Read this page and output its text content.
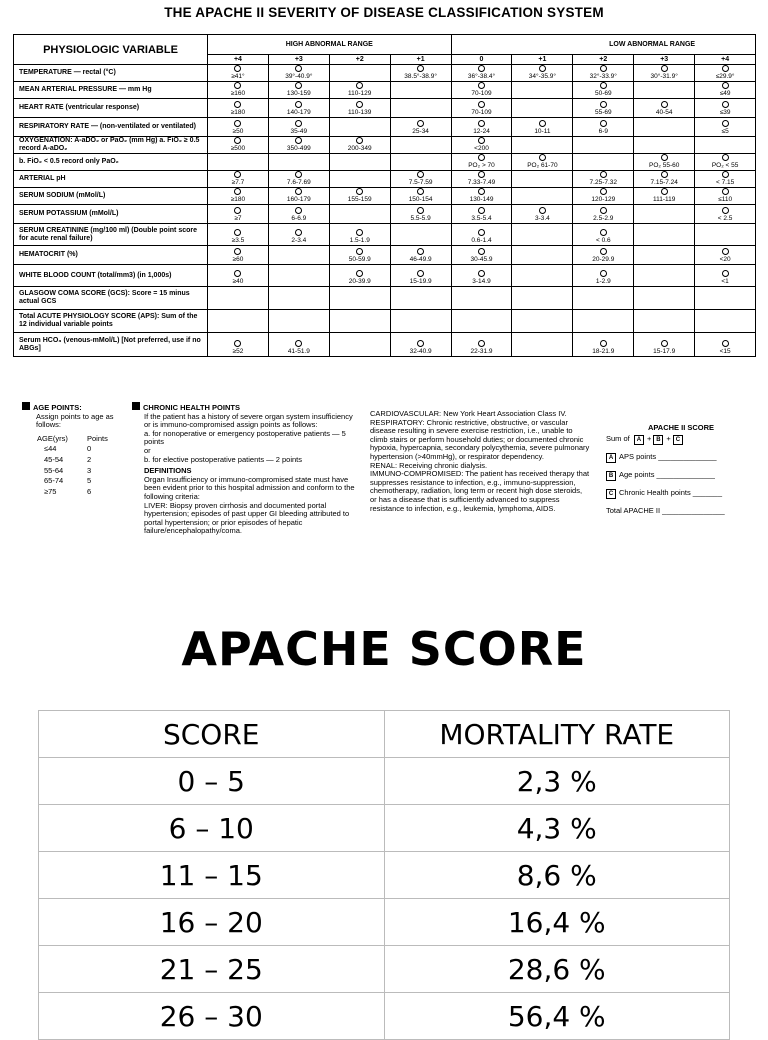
THE APACHE II SEVERITY OF DISEASE CLASSIFICATION SYSTEM
PHYSIOLOGIC VARIABLE	HIGH ABNORMAL RANGE				LOW ABNORMAL RANGE				
	+4	+3	+2	+1	0	+1	+2	+3	+4
TEMPERATURE — rectal (°C)	≥41°	39°-40.9°		38.5°-38.9°	36°-38.4°	34°-35.9°	32°-33.9°	30°-31.9°	≤29.9°
MEAN ARTERIAL PRESSURE — mm Hg	≥160	130-159	110-129		70-109		50-69		≤49
HEART RATE (ventricular response)	≥180	140-179	110-139		70-109		55-69	40-54	≤39
RESPIRATORY RATE — (non-ventilated or ventilated)	≥50	35-49		25-34	12-24	10-11	6-9		≤5
OXYGENATION: A-aDO₂ or PaO₂ (mm Hg) a. FiO₂ ≥ 0.5 record A-aDO₂	≥500	350-499	200-349		<200				
b. FiO₂ < 0.5 record only PaO₂					PO₂ > 70	PO₂ 61-70		PO₂ 55-60	PO₂ < 55
ARTERIAL pH	≥7.7	7.6-7.69		7.5-7.59	7.33-7.49		7.25-7.32	7.15-7.24	< 7.15
SERUM SODIUM (mMol/L)	≥180	160-179	155-159	150-154	130-149		120-129	111-119	≤110
SERUM POTASSIUM (mMol/L)	≥7	6-6.9		5.5-5.9	3.5-5.4	3-3.4	2.5-2.9		< 2.5
SERUM CREATININE (mg/100 ml) (Double point score for acute renal failure)	≥3.5	2-3.4	1.5-1.9		0.6-1.4		< 0.6		
HEMATOCRIT (%)	≥60		50-59.9	46-49.9	30-45.9		20-29.9		<20
WHITE BLOOD COUNT (total/mm3) (in 1,000s)	≥40		20-39.9	15-19.9	3-14.9		1-2.9		<1
GLASGOW COMA SCORE (GCS): Score = 15 minus actual GCS									
Total ACUTE PHYSIOLOGY SCORE (APS): Sum of the 12 individual variable points									
Serum HCO₃ (venous-mMol/L) [Not preferred, use if no ABGs]	≥52	41-51.9		32-40.9	22-31.9		18-21.9	15-17.9	<15
AGE POINTS:
Assign points to age as follows:
AGE(yrs)	Points
≤44	0
45-54	2
55-64	3
65-74	5
≥75	6
CHRONIC HEALTH POINTS
If the patient has a history of severe organ system insufficiency or is immuno-compromised assign points as follows:
a. for nonoperative or emergency postoperative patients — 5 points
or
b. for elective postoperative patients — 2 points
DEFINITIONS
Organ Insufficiency or immuno-compromised state must have been evident prior to this hospital admission and conform to the following criteria:
LIVER: Biopsy proven cirrhosis and documented portal hypertension; episodes of past upper GI bleeding attributed to portal hypertension; or prior episodes of hepatic failure/encephalopathy/coma.
CARDIOVASCULAR: New York Heart Association Class IV.
RESPIRATORY: Chronic restrictive, obstructive, or vascular disease resulting in severe exercise restriction, i.e., unable to climb stairs or perform household duties; or documented chronic hypoxia, hypercapnia, secondary polycythemia, severe pulmonary hypertension (>40mmHg), or respirator dependency.
RENAL: Receiving chronic dialysis.
IMMUNO-COMPROMISED: The patient has received therapy that suppresses resistance to infection, e.g., immuno-suppression, chemotherapy, radiation, long term or recent high dose steroids, or has a disease that is sufficiently advanced to suppress resistance to infection, e.g., leukemia, lymphoma, AIDS.
APACHE II SCORE
Sum of A + B + C
A APS points ______________
B Age points ______________
C Chronic Health points _______
Total APACHE II _______________
APACHE SCORE
SCORE	MORTALITY RATE
0 – 5	2,3 %
6 – 10	4,3 %
11 – 15	8,6 %
16 – 20	16,4 %
21 – 25	28,6 %
26 – 30	56,4 %
